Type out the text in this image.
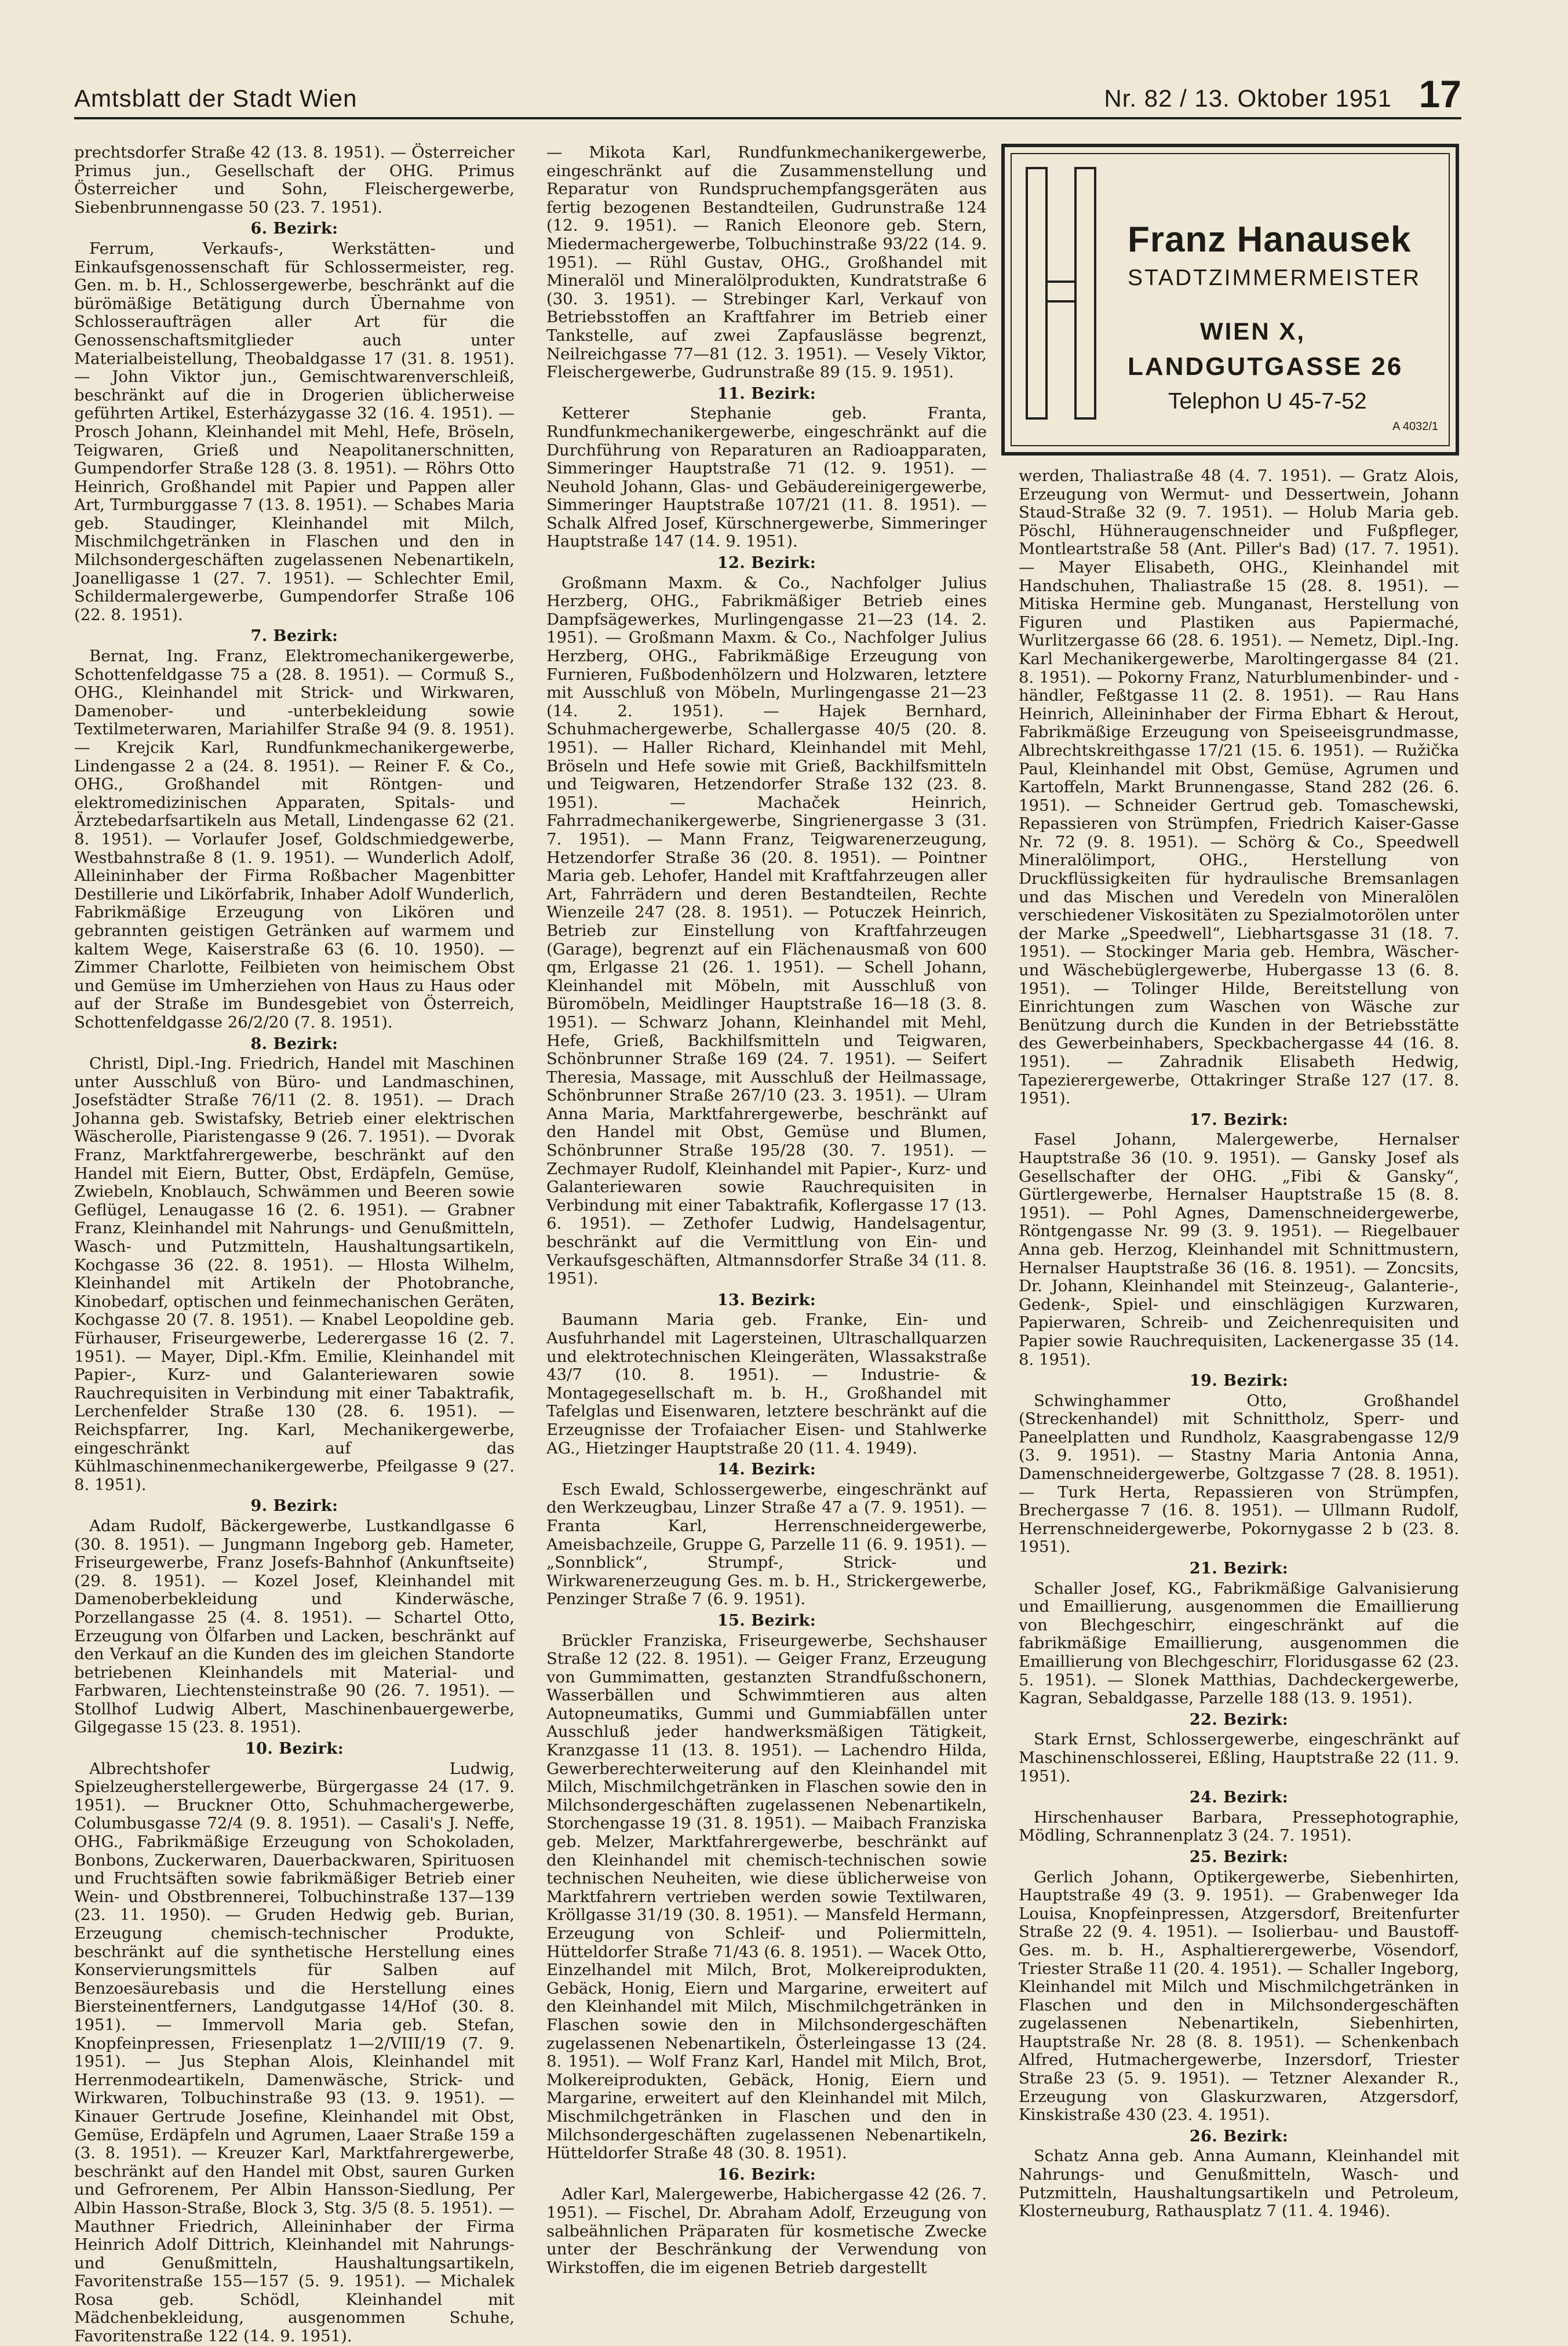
Amtsblatt der Stadt Wien	Nr. 82 / 13. Oktober 1951 17
prechtsdorfer Straße 42 (13. 8. 1951). — Österreicher Primus jun., Gesellschaft der OHG. Primus Österreicher und Sohn, Fleischergewerbe, Siebenbrunnengasse 50 (23. 7. 1951).
6. Bezirk:
Ferrum, Verkaufs-, Werkstätten- und Einkaufsgenossenschaft für Schlossermeister, reg. Gen. m. b. H., Schlossergewerbe, beschränkt auf die bürömäßige Betätigung durch Übernahme von Schlosseraufträgen aller Art für die Genossenschaftsmitglieder auch unter Materialbeistellung, Theobaldgasse 17 (31. 8. 1951). — John Viktor jun., Gemischtwarenverschleiß, beschränkt auf die in Drogerien üblicherweise geführten Artikel, Esterházygasse 32 (16. 4. 1951). — Prosch Johann, Kleinhandel mit Mehl, Hefe, Bröseln, Teigwaren, Grieß und Neapolitanerschnitten, Gumpendorfer Straße 128 (3. 8. 1951). — Röhrs Otto Heinrich, Großhandel mit Papier und Pappen aller Art, Turmburggasse 7 (13. 8. 1951). — Schabes Maria geb. Staudinger, Kleinhandel mit Milch, Mischmilchgetränken in Flaschen und den in Milchsondergeschäften zugelassenen Nebenartikeln, Joanelligasse 1 (27. 7. 1951). — Schlechter Emil, Schildermalergewerbe, Gumpendorfer Straße 106 (22. 8. 1951).
7. Bezirk:
Bernat, Ing. Franz, Elektromechanikergewerbe, Schottenfeldgasse 75 a (28. 8. 1951). — Cormuß S., OHG., Kleinhandel mit Strick- und Wirkwaren, Damenober- und -unterbekleidung sowie Textilmeterwaren, Mariahilfer Straße 94 (9. 8. 1951). — Krejcik Karl, Rundfunkmechanikergewerbe, Lindengasse 2 a (24. 8. 1951). — Reiner F. & Co., OHG., Großhandel mit Röntgen- und elektromedizinischen Apparaten, Spitals- und Ärztebedarfsartikeln aus Metall, Lindengasse 62 (21. 8. 1951). — Vorlaufer Josef, Goldschmiedgewerbe, Westbahnstraße 8 (1. 9. 1951). — Wunderlich Adolf, Alleininhaber der Firma Roßbacher Magenbitter Destillerie und Likörfabrik, Inhaber Adolf Wunderlich, Fabrikmäßige Erzeugung von Likören und gebrannten geistigen Getränken auf warmem und kaltem Wege, Kaiserstraße 63 (6. 10. 1950). — Zimmer Charlotte, Feilbieten von heimischem Obst und Gemüse im Umherziehen von Haus zu Haus oder auf der Straße im Bundesgebiet von Österreich, Schottenfeldgasse 26/2/20 (7. 8. 1951).
8. Bezirk:
Christl, Dipl.-Ing. Friedrich, Handel mit Maschinen unter Ausschluß von Büro- und Landmaschinen, Josefstädter Straße 76/11 (2. 8. 1951). — Drach Johanna geb. Swistafsky, Betrieb einer elektrischen Wäscherolle, Piaristengasse 9 (26. 7. 1951). — Dvorak Franz, Marktfahrergewerbe, beschränkt auf den Handel mit Eiern, Butter, Obst, Erdäpfeln, Gemüse, Zwiebeln, Knoblauch, Schwämmen und Beeren sowie Geflügel, Lenaugasse 16 (2. 6. 1951). — Grabner Franz, Kleinhandel mit Nahrungs- und Genußmitteln, Wasch- und Putzmitteln, Haushaltungsartikeln, Kochgasse 36 (22. 8. 1951). — Hlosta Wilhelm, Kleinhandel mit Artikeln der Photobranche, Kinobedarf, optischen und feinmechanischen Geräten, Kochgasse 20 (7. 8. 1951). — Knabel Leopoldine geb. Fürhauser, Friseurgewerbe, Lederergasse 16 (2. 7. 1951). — Mayer, Dipl.-Kfm. Emilie, Kleinhandel mit Papier-, Kurz- und Galanteriewaren sowie Rauchrequisiten in Verbindung mit einer Tabaktrafik, Lerchenfelder Straße 130 (28. 6. 1951). — Reichspfarrer, Ing. Karl, Mechanikergewerbe, eingeschränkt auf das Kühlmaschinenmechanikergewerbe, Pfeilgasse 9 (27. 8. 1951).
9. Bezirk:
Adam Rudolf, Bäckergewerbe, Lustkandlgasse 6 (30. 8. 1951). — Jungmann Ingeborg geb. Hameter, Friseurgewerbe, Franz Josefs-Bahnhof (Ankunftseite) (29. 8. 1951). — Kozel Josef, Kleinhandel mit Damenoberbekleidung und Kinderwäsche, Porzellangasse 25 (4. 8. 1951). — Schartel Otto, Erzeugung von Ölfarben und Lacken, beschränkt auf den Verkauf an die Kunden des im gleichen Standorte betriebenen Kleinhandels mit Material- und Farbwaren, Liechtensteinstraße 90 (26. 7. 1951). — Stollhof Ludwig Albert, Maschinenbauergewerbe, Gilgegasse 15 (23. 8. 1951).
10. Bezirk:
Albrechtshofer Ludwig, Spielzeugherstellergewerbe, Bürgergasse 24 (17. 9. 1951). — Bruckner Otto, Schuhmachergewerbe, Columbusgasse 72/4 (9. 8. 1951). — Casali's J. Neffe, OHG., Fabrikmäßige Erzeugung von Schokoladen, Bonbons, Zuckerwaren, Dauerbackwaren, Spirituosen und Fruchtsäften sowie fabrikmäßiger Betrieb einer Wein- und Obstbrennerei, Tolbuchinstraße 137—139 (23. 11. 1950). — Gruden Hedwig geb. Burian, Erzeugung chemisch-technischer Produkte, beschränkt auf die synthetische Herstellung eines Konservierungsmittels für Salben auf Benzoesäurebasis und die Herstellung eines Biersteinentferners, Landgutgasse 14/Hof (30. 8. 1951). — Immervoll Maria geb. Stefan, Knopfeinpressen, Friesenplatz 1—2/VIII/19 (7. 9. 1951). — Jus Stephan Alois, Kleinhandel mit Herrenmodeartikeln, Damenwäsche, Strick- und Wirkwaren, Tolbuchinstraße 93 (13. 9. 1951). — Kinauer Gertrude Josefine, Kleinhandel mit Obst, Gemüse, Erdäpfeln und Agrumen, Laaer Straße 159 a (3. 8. 1951). — Kreuzer Karl, Marktfahrergewerbe, beschränkt auf den Handel mit Obst, sauren Gurken und Gefrorenem, Per Albin Hansson-Siedlung, Per Albin Hasson-Straße, Block 3, Stg. 3/5 (8. 5. 1951). — Mauthner Friedrich, Alleininhaber der Firma Heinrich Adolf Dittrich, Kleinhandel mit Nahrungs- und Genußmitteln, Haushaltungsartikeln, Favoritenstraße 155—157 (5. 9. 1951). — Michalek Rosa geb. Schödl, Kleinhandel mit Mädchenbekleidung, ausgenommen Schuhe, Favoritenstraße 122 (14. 9. 1951).
— Mikota Karl, Rundfunkmechanikergewerbe, eingeschränkt auf die Zusammenstellung und Reparatur von Rundspruchempfangsgeräten aus fertig bezogenen Bestandteilen, Gudrunstraße 124 (12. 9. 1951). — Ranich Eleonore geb. Stern, Miedermachergewerbe, Tolbuchinstraße 93/22 (14. 9. 1951). — Rühl Gustav, OHG., Großhandel mit Mineralöl und Mineralölprodukten, Kundratstraße 6 (30. 3. 1951). — Strebinger Karl, Verkauf von Betriebsstoffen an Kraftfahrer im Betrieb einer Tankstelle, auf zwei Zapfauslässe begrenzt, Neilreichgasse 77—81 (12. 3. 1951). — Vesely Viktor, Fleischergewerbe, Gudrunstraße 89 (15. 9. 1951).
11. Bezirk:
Ketterer Stephanie geb. Franta, Rundfunkmechanikergewerbe, eingeschränkt auf die Durchführung von Reparaturen an Radioapparaten, Simmeringer Hauptstraße 71 (12. 9. 1951). — Neuhold Johann, Glas- und Gebäudereinigergewerbe, Simmeringer Hauptstraße 107/21 (11. 8. 1951). — Schalk Alfred Josef, Kürschnergewerbe, Simmeringer Hauptstraße 147 (14. 9. 1951).
12. Bezirk:
Großmann Maxm. & Co., Nachfolger Julius Herzberg, OHG., Fabrikmäßiger Betrieb eines Dampfsägewerkes, Murlingengasse 21—23 (14. 2. 1951). — Großmann Maxm. & Co., Nachfolger Julius Herzberg, OHG., Fabrikmäßige Erzeugung von Furnieren, Fußbodenhölzern und Holzwaren, letztere mit Ausschluß von Möbeln, Murlingengasse 21—23 (14. 2. 1951). — Hajek Bernhard, Schuhmachergewerbe, Schallergasse 40/5 (20. 8. 1951). — Haller Richard, Kleinhandel mit Mehl, Bröseln und Hefe sowie mit Grieß, Backhilfsmitteln und Teigwaren, Hetzendorfer Straße 132 (23. 8. 1951). — Machaček Heinrich, Fahrradmechanikergewerbe, Singrienergasse 3 (31. 7. 1951). — Mann Franz, Teigwarenerzeugung, Hetzendorfer Straße 36 (20. 8. 1951). — Pointner Maria geb. Lehofer, Handel mit Kraftfahrzeugen aller Art, Fahrrädern und deren Bestandteilen, Rechte Wienzeile 247 (28. 8. 1951). — Potuczek Heinrich, Betrieb zur Einstellung von Kraftfahrzeugen (Garage), begrenzt auf ein Flächenausmaß von 600 qm, Erlgasse 21 (26. 1. 1951). — Schell Johann, Kleinhandel mit Möbeln, mit Ausschluß von Büromöbeln, Meidlinger Hauptstraße 16—18 (3. 8. 1951). — Schwarz Johann, Kleinhandel mit Mehl, Hefe, Grieß, Backhilfsmitteln und Teigwaren, Schönbrunner Straße 169 (24. 7. 1951). — Seifert Theresia, Massage, mit Ausschluß der Heilmassage, Schönbrunner Straße 267/10 (23. 3. 1951). — Ulram Anna Maria, Marktfahrergewerbe, beschränkt auf den Handel mit Obst, Gemüse und Blumen, Schönbrunner Straße 195/28 (30. 7. 1951). — Zechmayer Rudolf, Kleinhandel mit Papier-, Kurz- und Galanteriewaren sowie Rauchrequisiten in Verbindung mit einer Tabaktrafik, Koflergasse 17 (13. 6. 1951). — Zethofer Ludwig, Handelsagentur, beschränkt auf die Vermittlung von Ein- und Verkaufsgeschäften, Altmannsdorfer Straße 34 (11. 8. 1951).
13. Bezirk:
Baumann Maria geb. Franke, Ein- und Ausfuhrhandel mit Lagersteinen, Ultraschallquarzen und elektrotechnischen Kleingeräten, Wlassakstraße 43/7 (10. 8. 1951). — Industrie- & Montagegesellschaft m. b. H., Großhandel mit Tafelglas und Eisenwaren, letztere beschränkt auf die Erzeugnisse der Trofaiacher Eisen- und Stahlwerke AG., Hietzinger Hauptstraße 20 (11. 4. 1949).
14. Bezirk:
Esch Ewald, Schlossergewerbe, eingeschränkt auf den Werkzeugbau, Linzer Straße 47 a (7. 9. 1951). — Franta Karl, Herrenschneidergewerbe, Ameisbachzeile, Gruppe G, Parzelle 11 (6. 9. 1951). — „Sonnblick“, Strumpf-, Strick- und Wirkwarenerzeugung Ges. m. b. H., Strickergewerbe, Penzinger Straße 7 (6. 9. 1951).
15. Bezirk:
Brückler Franziska, Friseurgewerbe, Sechshauser Straße 12 (22. 8. 1951). — Geiger Franz, Erzeugung von Gummimatten, gestanzten Strandfußschonern, Wasserbällen und Schwimmtieren aus alten Autopneumatiks, Gummi und Gummiabfällen unter Ausschluß jeder handwerksmäßigen Tätigkeit, Kranzgasse 11 (13. 8. 1951). — Lachendro Hilda, Gewerberechterweiterung auf den Kleinhandel mit Milch, Mischmilchgetränken in Flaschen sowie den in Milchsondergeschäften zugelassenen Nebenartikeln, Storchengasse 19 (31. 8. 1951). — Maibach Franziska geb. Melzer, Marktfahrergewerbe, beschränkt auf den Kleinhandel mit chemisch-technischen sowie technischen Neuheiten, wie diese üblicherweise von Marktfahrern vertrieben werden sowie Textilwaren, Kröllgasse 31/19 (30. 8. 1951). — Mansfeld Hermann, Erzeugung von Schleif- und Poliermitteln, Hütteldorfer Straße 71/43 (6. 8. 1951). — Wacek Otto, Einzelhandel mit Milch, Brot, Molkereiprodukten, Gebäck, Honig, Eiern und Margarine, erweitert auf den Kleinhandel mit Milch, Mischmilchgetränken in Flaschen sowie den in Milchsondergeschäften zugelassenen Nebenartikeln, Österleingasse 13 (24. 8. 1951). — Wolf Franz Karl, Handel mit Milch, Brot, Molkereiprodukten, Gebäck, Honig, Eiern und Margarine, erweitert auf den Kleinhandel mit Milch, Mischmilchgetränken in Flaschen und den in Milchsondergeschäften zugelassenen Nebenartikeln, Hütteldorfer Straße 48 (30. 8. 1951).
16. Bezirk:
Adler Karl, Malergewerbe, Habichergasse 42 (26. 7. 1951). — Fischel, Dr. Abraham Adolf, Erzeugung von salbeähnlichen Präparaten für kosmetische Zwecke unter der Beschränkung der Verwendung von Wirkstoffen, die im eigenen Betrieb dargestellt
Franz Hanausek
STADTZIMMERMEISTER
WIEN X,
LANDGUTGASSE 26
Telephon U 45-7-52
A 4032/1
werden, Thaliastraße 48 (4. 7. 1951). — Gratz Alois, Erzeugung von Wermut- und Dessertwein, Johann Staud-Straße 32 (9. 7. 1951). — Holub Maria geb. Pöschl, Hühneraugenschneider und Fußpfleger, Montleartstraße 58 (Ant. Piller's Bad) (17. 7. 1951). — Mayer Elisabeth, OHG., Kleinhandel mit Handschuhen, Thaliastraße 15 (28. 8. 1951). — Mitiska Hermine geb. Munganast, Herstellung von Figuren und Plastiken aus Papiermaché, Wurlitzergasse 66 (28. 6. 1951). — Nemetz, Dipl.-Ing. Karl Mechanikergewerbe, Maroltingergasse 84 (21. 8. 1951). — Pokorny Franz, Naturblumenbinder- und -händler, Feßtgasse 11 (2. 8. 1951). — Rau Hans Heinrich, Alleininhaber der Firma Ebhart & Herout, Fabrikmäßige Erzeugung von Speiseeisgrundmasse, Albrechtskreithgasse 17/21 (15. 6. 1951). — Ružička Paul, Kleinhandel mit Obst, Gemüse, Agrumen und Kartoffeln, Markt Brunnengasse, Stand 282 (26. 6. 1951). — Schneider Gertrud geb. Tomaschewski, Repassieren von Strümpfen, Friedrich Kaiser-Gasse Nr. 72 (9. 8. 1951). — Schörg & Co., Speedwell Mineralölimport, OHG., Herstellung von Druckflüssigkeiten für hydraulische Bremsanlagen und das Mischen und Veredeln von Mineralölen verschiedener Viskositäten zu Spezialmotorölen unter der Marke „Speedwell“, Liebhartsgasse 31 (18. 7. 1951). — Stockinger Maria geb. Hembra, Wäscher- und Wäschebüglergewerbe, Hubergasse 13 (6. 8. 1951). — Tolinger Hilde, Bereitstellung von Einrichtungen zum Waschen von Wäsche zur Benützung durch die Kunden in der Betriebsstätte des Gewerbeinhabers, Speckbachergasse 44 (16. 8. 1951). — Zahradnik Elisabeth Hedwig, Tapezierergewerbe, Ottakringer Straße 127 (17. 8. 1951).
17. Bezirk:
Fasel Johann, Malergewerbe, Hernalser Hauptstraße 36 (10. 9. 1951). — Gansky Josef als Gesellschafter der OHG. „Fibi & Gansky“, Gürtlergewerbe, Hernalser Hauptstraße 15 (8. 8. 1951). — Pohl Agnes, Damenschneidergewerbe, Röntgengasse Nr. 99 (3. 9. 1951). — Riegelbauer Anna geb. Herzog, Kleinhandel mit Schnittmustern, Hernalser Hauptstraße 36 (16. 8. 1951). — Zoncsits, Dr. Johann, Kleinhandel mit Steinzeug-, Galanterie-, Gedenk-, Spiel- und einschlägigen Kurzwaren, Papierwaren, Schreib- und Zeichenrequisiten und Papier sowie Rauchrequisiten, Lackenergasse 35 (14. 8. 1951).
19. Bezirk:
Schwinghammer Otto, Großhandel (Streckenhandel) mit Schnittholz, Sperr- und Paneelplatten und Rundholz, Kaasgrabengasse 12/9 (3. 9. 1951). — Stastny Maria Antonia Anna, Damenschneidergewerbe, Goltzgasse 7 (28. 8. 1951). — Turk Herta, Repassieren von Strümpfen, Brechergasse 7 (16. 8. 1951). — Ullmann Rudolf, Herrenschneidergewerbe, Pokornygasse 2 b (23. 8. 1951).
21. Bezirk:
Schaller Josef, KG., Fabrikmäßige Galvanisierung und Emaillierung, ausgenommen die Emaillierung von Blechgeschirr, eingeschränkt auf die fabrikmäßige Emaillierung, ausgenommen die Emaillierung von Blechgeschirr, Floridusgasse 62 (23. 5. 1951). — Slonek Matthias, Dachdeckergewerbe, Kagran, Sebaldgasse, Parzelle 188 (13. 9. 1951).
22. Bezirk:
Stark Ernst, Schlossergewerbe, eingeschränkt auf Maschinenschlosserei, Eßling, Hauptstraße 22 (11. 9. 1951).
24. Bezirk:
Hirschenhauser Barbara, Pressephotographie, Mödling, Schrannenplatz 3 (24. 7. 1951).
25. Bezirk:
Gerlich Johann, Optikergewerbe, Siebenhirten, Hauptstraße 49 (3. 9. 1951). — Grabenweger Ida Louisa, Knopfeinpressen, Atzgersdorf, Breitenfurter Straße 22 (9. 4. 1951). — Isolierbau- und Baustoff-Ges. m. b. H., Asphaltierergewerbe, Vösendorf, Triester Straße 11 (20. 4. 1951). — Schaller Ingeborg, Kleinhandel mit Milch und Mischmilchgetränken in Flaschen und den in Milchsondergeschäften zugelassenen Nebenartikeln, Siebenhirten, Hauptstraße Nr. 28 (8. 8. 1951). — Schenkenbach Alfred, Hutmachergewerbe, Inzersdorf, Triester Straße 23 (5. 9. 1951). — Tetzner Alexander R., Erzeugung von Glaskurzwaren, Atzgersdorf, Kinskistraße 430 (23. 4. 1951).
26. Bezirk:
Schatz Anna geb. Anna Aumann, Kleinhandel mit Nahrungs- und Genußmitteln, Wasch- und Putzmitteln, Haushaltungsartikeln und Petroleum, Klosterneuburg, Rathausplatz 7 (11. 4. 1946).
